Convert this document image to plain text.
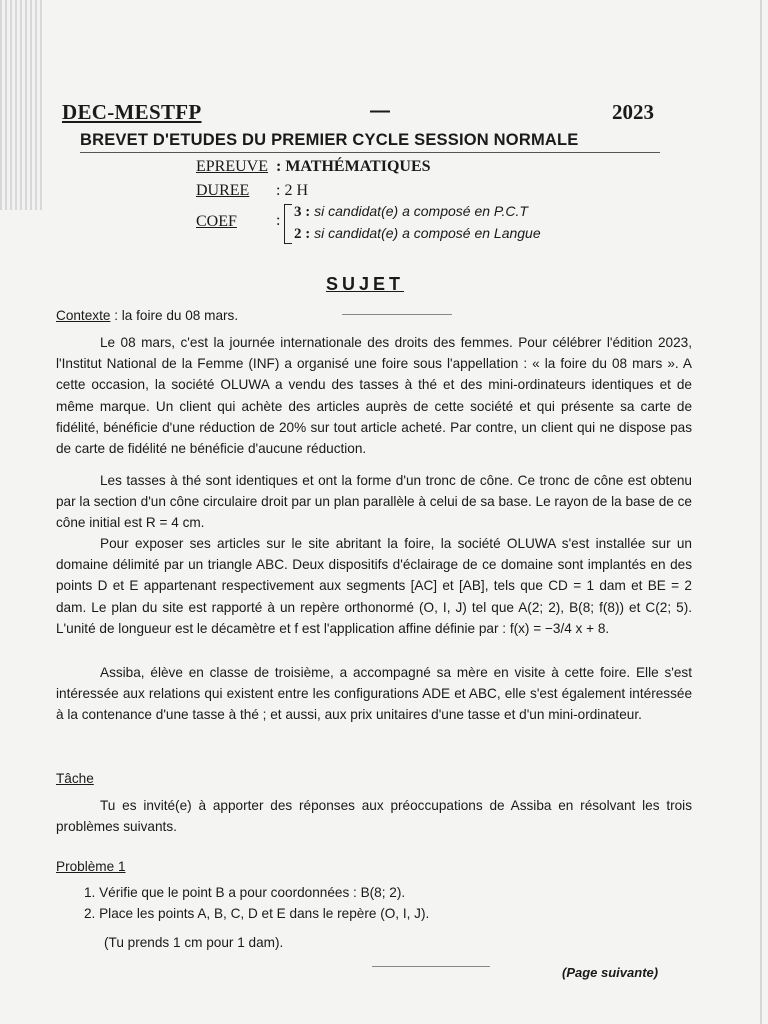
DEC-MESTFP	—	2023
BREVET D'ETUDES DU PREMIER CYCLE SESSION NORMALE
EPREUVE : MATHÉMATIQUES
DUREE : 2 H
COEF : 3 : si candidat(e) a composé en P.C.T
2 : si candidat(e) a composé en Langue
SUJET
Contexte : la foire du 08 mars.
Le 08 mars, c'est la journée internationale des droits des femmes. Pour célébrer l'édition 2023, l'Institut National de la Femme (INF) a organisé une foire sous l'appellation : « la foire du 08 mars ». A cette occasion, la société OLUWA a vendu des tasses à thé et des mini-ordinateurs identiques et de même marque. Un client qui achète des articles auprès de cette société et qui présente sa carte de fidélité, bénéficie d'une réduction de 20% sur tout article acheté. Par contre, un client qui ne dispose pas de carte de fidélité ne bénéficie d'aucune réduction.
Les tasses à thé sont identiques et ont la forme d'un tronc de cône. Ce tronc de cône est obtenu par la section d'un cône circulaire droit par un plan parallèle à celui de sa base. Le rayon de la base de ce cône initial est R = 4 cm.
Pour exposer ses articles sur le site abritant la foire, la société OLUWA s'est installée sur un domaine délimité par un triangle ABC. Deux dispositifs d'éclairage de ce domaine sont implantés en des points D et E appartenant respectivement aux segments [AC] et [AB], tels que CD = 1 dam et BE = 2 dam. Le plan du site est rapporté à un repère orthonormé (O, I, J) tel que A(2; 2), B(8; f(8)) et C(2; 5). L'unité de longueur est le décamètre et f est l'application affine définie par : f(x) = −3/4 x + 8.
Assiba, élève en classe de troisième, a accompagné sa mère en visite à cette foire. Elle s'est intéressée aux relations qui existent entre les configurations ADE et ABC, elle s'est également intéressée à la contenance d'une tasse à thé ; et aussi, aux prix unitaires d'une tasse et d'un mini-ordinateur.
Tâche
Tu es invité(e) à apporter des réponses aux préoccupations de Assiba en résolvant les trois problèmes suivants.
Problème 1
1. Vérifie que le point B a pour coordonnées : B(8; 2).
2. Place les points A, B, C, D et E dans le repère (O, I, J).
(Tu prends 1 cm pour 1 dam).
(Page suivante)
